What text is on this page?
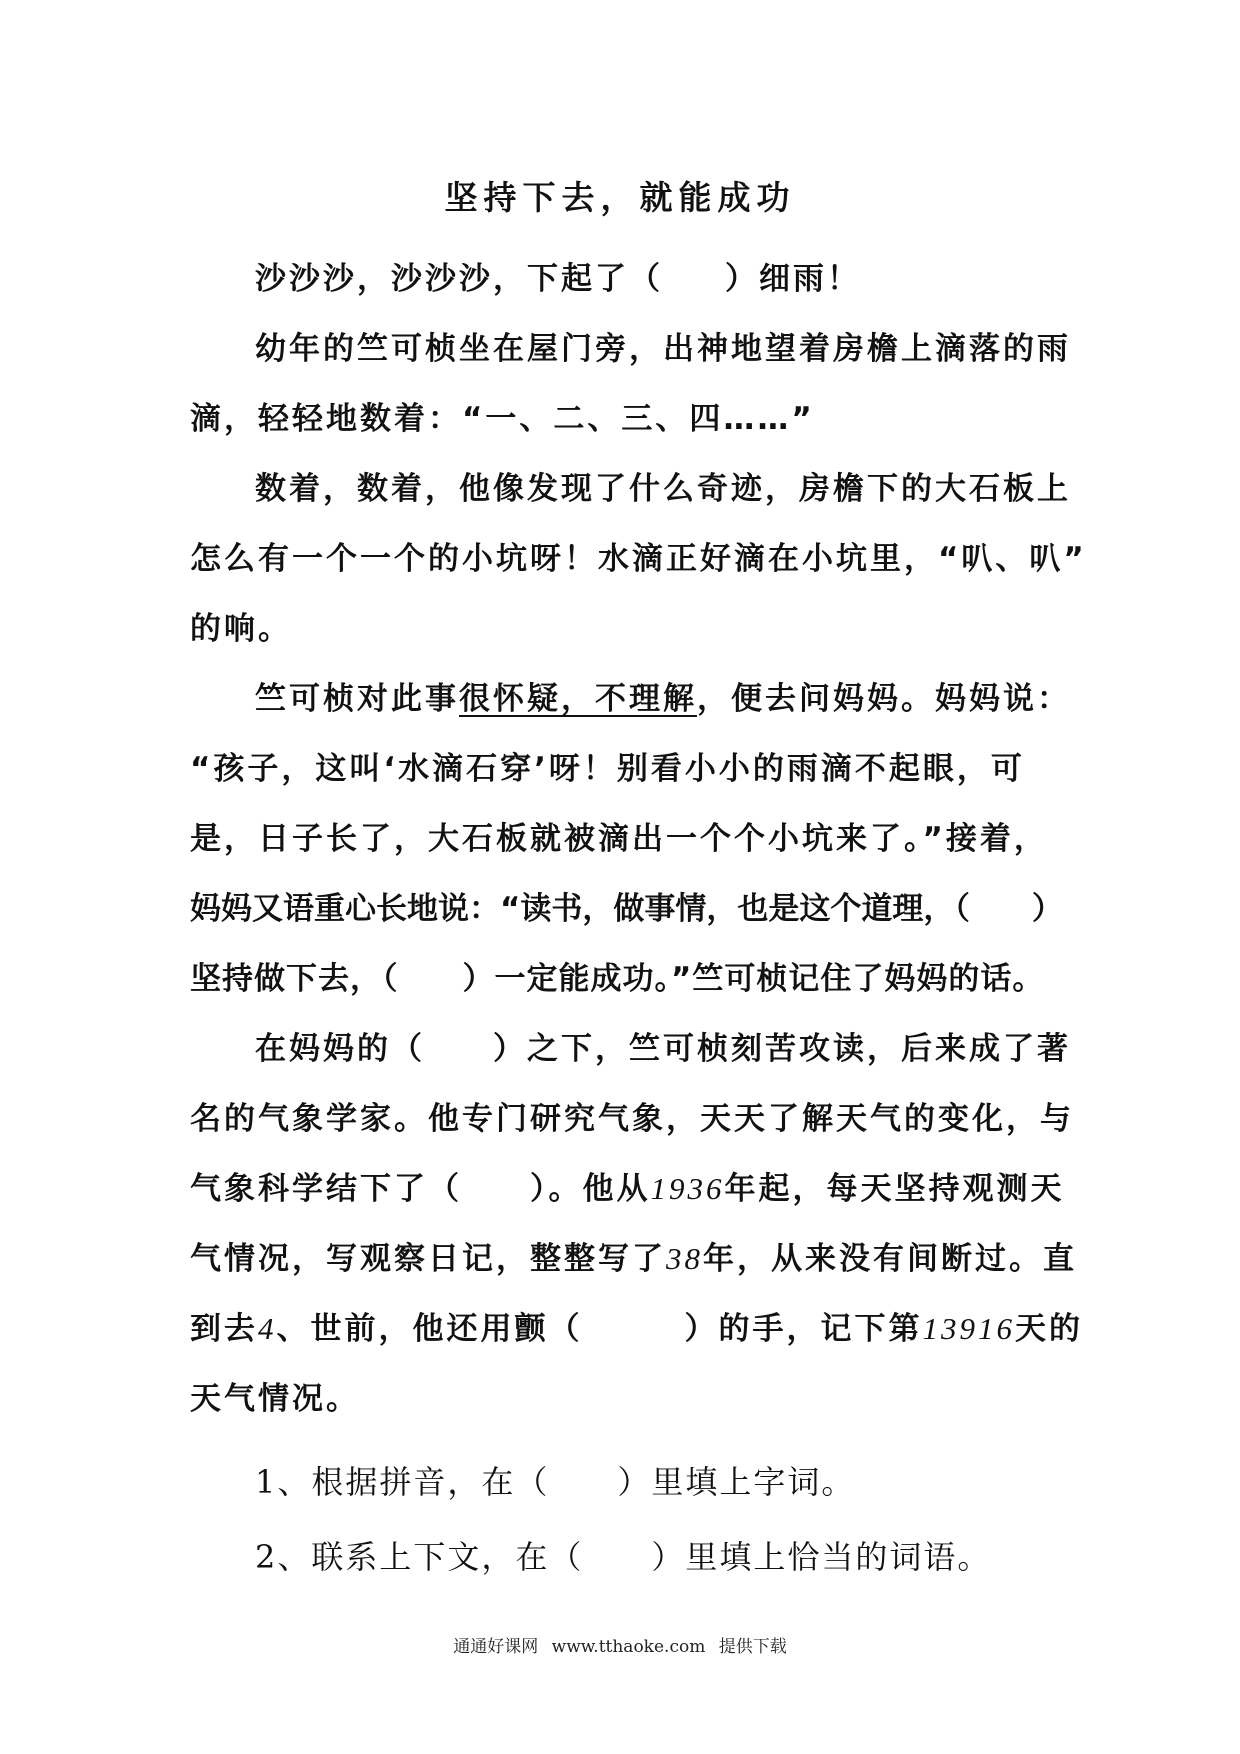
坚持下去，就能成功
沙沙沙，沙沙沙，下起了（　　 ）细雨！
幼年的竺可桢坐在屋门旁，出神地望着房檐上滴落的雨
滴，轻轻地数着：“一、二、三、四……”
数着，数着，他像发现了什么奇迹，房檐下的大石板上
怎么有一个一个的小坑呀！水滴正好滴在小坑里，“叭、叭”
的响。
竺可桢对此事很怀疑，不理解，便去问妈妈。妈妈说：
“孩子，这叫‘水滴石穿’呀！别看小小的雨滴不起眼，可
是，日子长了，大石板就被滴出一个个小坑来了。”接着，
妈妈又语重心长地说：“读书，做事情，也是这个道理，（　　 ）
坚持做下去，（　　 ）一定能成功。”竺可桢记住了妈妈的话。
在妈妈的（　　 ）之下，竺可桢刻苦攻读，后来成了著
名的气象学家。他专门研究气象，天天了解天气的变化，与
气象科学结下了（　　 ）。他从1936年起，每天坚持观测天
气情况，写观察日记，整整写了38年，从来没有间断过。直
到去4、世前，他还用颤（　　　	）的手，记下第13916天的
天气情况。
1、根据拼音，在（　　 ）里填上字词。
2、联系上下文，在（　　 ）里填上恰当的词语。
通通好课网 www.tthaoke.com 提供下载
